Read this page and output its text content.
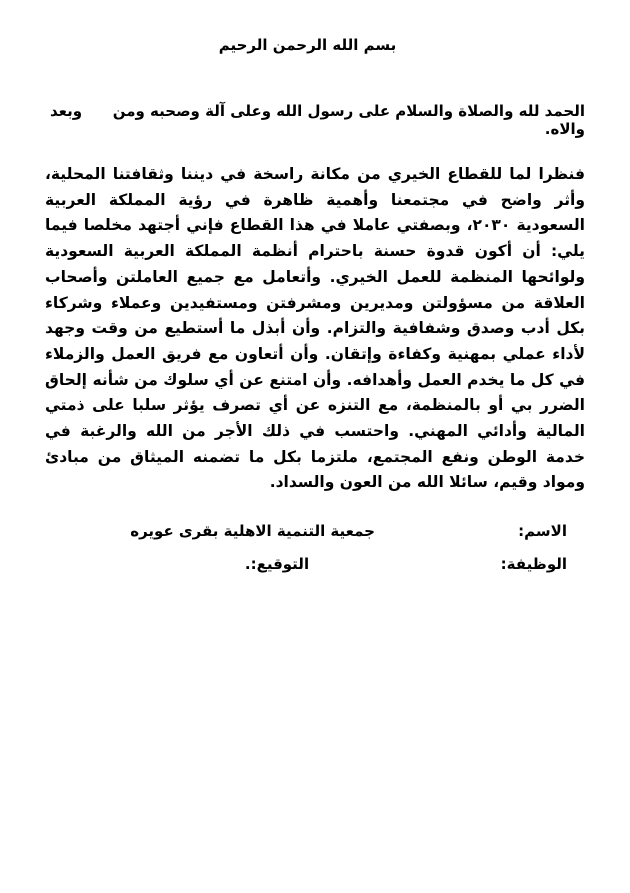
بسم الله الرحمن الرحيم
الحمد لله والصلاة والسلام على رسول الله وعلى آلة وصحبه ومن والاه.
وبعد
فنظرا لما للقطاع الخيري من مكانة راسخة في ديننا وثقافتنا المحلية، وأثر واضح في مجتمعنا وأهمية ظاهرة في رؤية المملكة العربية السعودية ٢٠٣٠، وبصفتي عاملا في هذا القطاع فإني أجتهد مخلصا فيما يلي: أن أكون قدوة حسنة باحترام أنظمة المملكة العربية السعودية ولوائحها المنظمة للعمل الخيري. وأتعامل مع جميع العاملتن وأصحاب العلاقة من مسؤولتن ومديرين ومشرفتن ومستفيدين وعملاء وشركاء بكل أدب وصدق وشفافية والتزام. وأن أبذل ما أستطيع من وقت وجهد لأداء عملي بمهنية وكفاءة وإتقان. وأن أتعاون مع فريق العمل والزملاء في كل ما يخدم العمل وأهدافه. وأن امتنع عن أي سلوك من شأنه إلحاق الضرر بي أو بالمنظمة، مع التنزه عن أي تصرف يؤثر سلبا على ذمتي المالية وأدائي المهني. واحتسب في ذلك الأجر من الله والرغبة في خدمة الوطن ونفع المجتمع، ملتزما بكل ما تضمنه الميثاق من مبادئ ومواد وقيم، سائلا الله من العون والسداد.
الاسم:
جمعية التنمية الاهلية بقرى عويره
الوظيفة:
التوقيع:.
